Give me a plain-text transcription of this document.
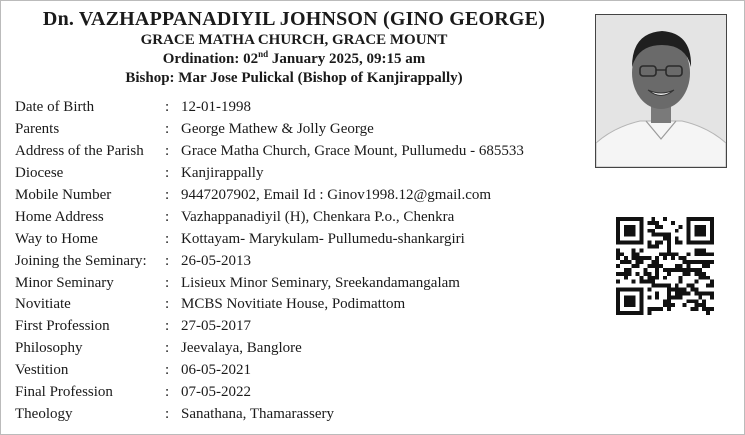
Dn. VAZHAPPANADIYIL JOHNSON (GINO GEORGE)
GRACE MATHA CHURCH, GRACE MOUNT
Ordination: 02nd January 2025, 09:15 am
Bishop: Mar Jose Pulickal (Bishop of Kanjirappally)
Date of Birth	: 12-01-1998
Parents	: George Mathew & Jolly George
Address of the Parish	: Grace Matha Church, Grace Mount, Pullumedu - 685533
Diocese	: Kanjirappally
Mobile Number	: 9447207902, Email Id : Ginov1998.12@gmail.com
Home Address	: Vazhappanadiyil (H), Chenkara P.o., Chenkra
Way to Home	: Kottayam- Marykulam- Pullumedu-shankargiri
Joining the Seminary:	: 26-05-2013
Minor Seminary	: Lisieux Minor Seminary, Sreekandamangalam
Novitiate	: MCBS Novitiate House, Podimattom
First Profession	: 27-05-2017
Philosophy	: Jeevalaya, Banglore
Vestition	: 06-05-2021
Final Profession	: 07-05-2022
Theology	: Sanathana, Thamarassery
